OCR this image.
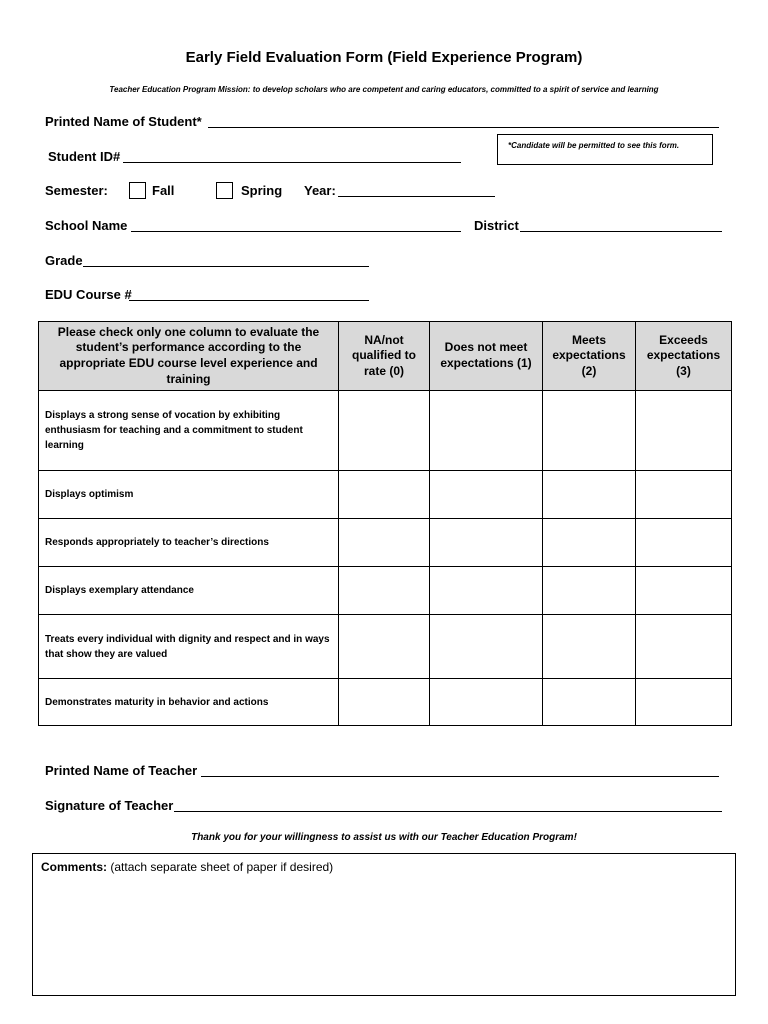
Early Field Evaluation Form (Field Experience Program)
Teacher Education Program Mission: to develop scholars who are competent and caring educators, committed to a spirit of service and learning
Printed Name of Student*
Student ID#
*Candidate will be permitted to see this form.
Semester:	Fall	Spring Year:
School Name	District
Grade
EDU Course #
Please check only one column to evaluate the student’s performance according to the appropriate EDU course level experience and training	NA/not qualified to rate (0)	Does not meet expectations (1)	Meets expectations (2)	Exceeds expectations (3)
Displays a strong sense of vocation by exhibiting enthusiasm for teaching and a commitment to student learning				
Displays optimism				
Responds appropriately to teacher’s directions				
Displays exemplary attendance				
Treats every individual with dignity and respect and in ways that show they are valued				
Demonstrates maturity in behavior and actions				
Printed Name of Teacher
Signature of Teacher
Thank you for your willingness to assist us with our Teacher Education Program!
Comments: (attach separate sheet of paper if desired)
